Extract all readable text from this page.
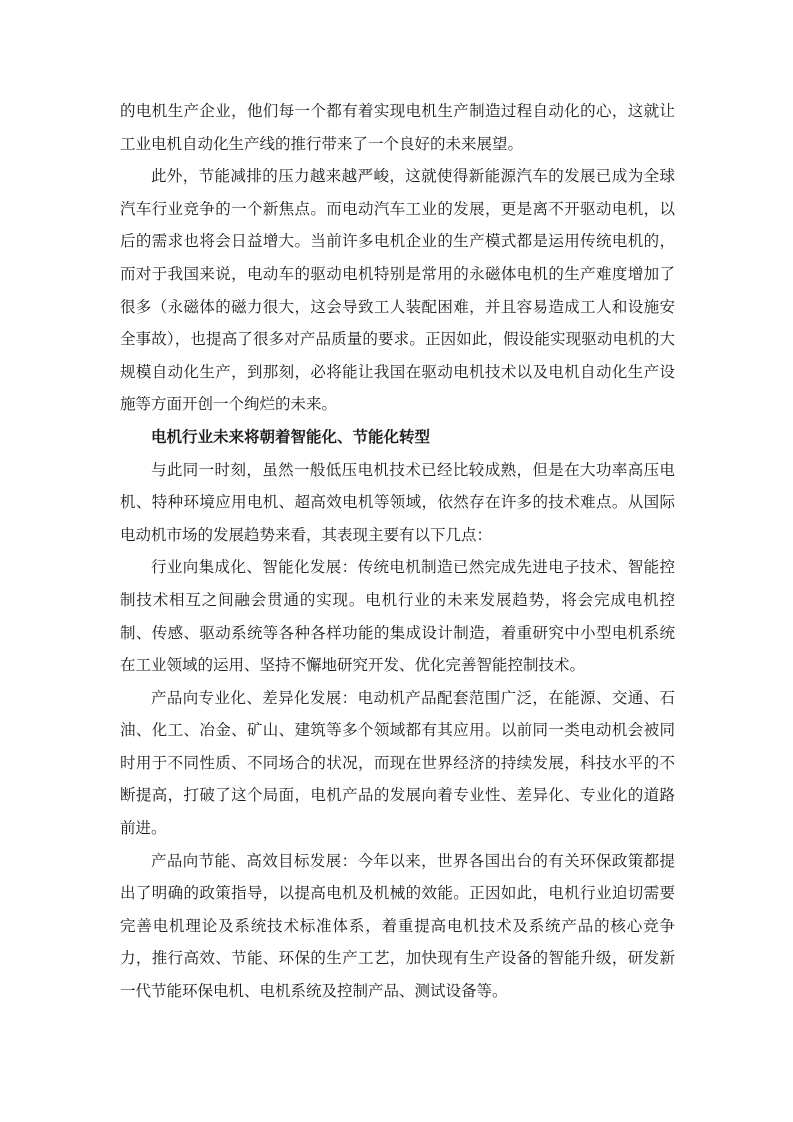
的电机生产企业，他们每一个都有着实现电机生产制造过程自动化的心，这就让工业电机自动化生产线的推行带来了一个良好的未来展望。

此外，节能减排的压力越来越严峻，这就使得新能源汽车的发展已成为全球汽车行业竞争的一个新焦点。而电动汽车工业的发展，更是离不开驱动电机，以后的需求也将会日益增大。当前许多电机企业的生产模式都是运用传统电机的，而对于我国来说，电动车的驱动电机特别是常用的永磁体电机的生产难度增加了很多（永磁体的磁力很大，这会导致工人装配困难，并且容易造成工人和设施安全事故），也提高了很多对产品质量的要求。正因如此，假设能实现驱动电机的大规模自动化生产，到那刻，必将能让我国在驱动电机技术以及电机自动化生产设施等方面开创一个绚烂的未来。

电机行业未来将朝着智能化、节能化转型

与此同一时刻，虽然一般低压电机技术已经比较成熟，但是在大功率高压电机、特种环境应用电机、超高效电机等领域，依然存在许多的技术难点。从国际电动机市场的发展趋势来看，其表现主要有以下几点：

行业向集成化、智能化发展：传统电机制造已然完成先进电子技术、智能控制技术相互之间融会贯通的实现。电机行业的未来发展趋势，将会完成电机控制、传感、驱动系统等各种各样功能的集成设计制造，着重研究中小型电机系统在工业领域的运用、坚持不懈地研究开发、优化完善智能控制技术。

产品向专业化、差异化发展：电动机产品配套范围广泛，在能源、交通、石油、化工、冶金、矿山、建筑等多个领域都有其应用。以前同一类电动机会被同时用于不同性质、不同场合的状况，而现在世界经济的持续发展，科技水平的不断提高，打破了这个局面，电机产品的发展向着专业性、差异化、专业化的道路前进。

产品向节能、高效目标发展：今年以来，世界各国出台的有关环保政策都提出了明确的政策指导，以提高电机及机械的效能。正因如此，电机行业迫切需要完善电机理论及系统技术标准体系，着重提高电机技术及系统产品的核心竞争力，推行高效、节能、环保的生产工艺，加快现有生产设备的智能升级，研发新一代节能环保电机、电机系统及控制产品、测试设备等。
